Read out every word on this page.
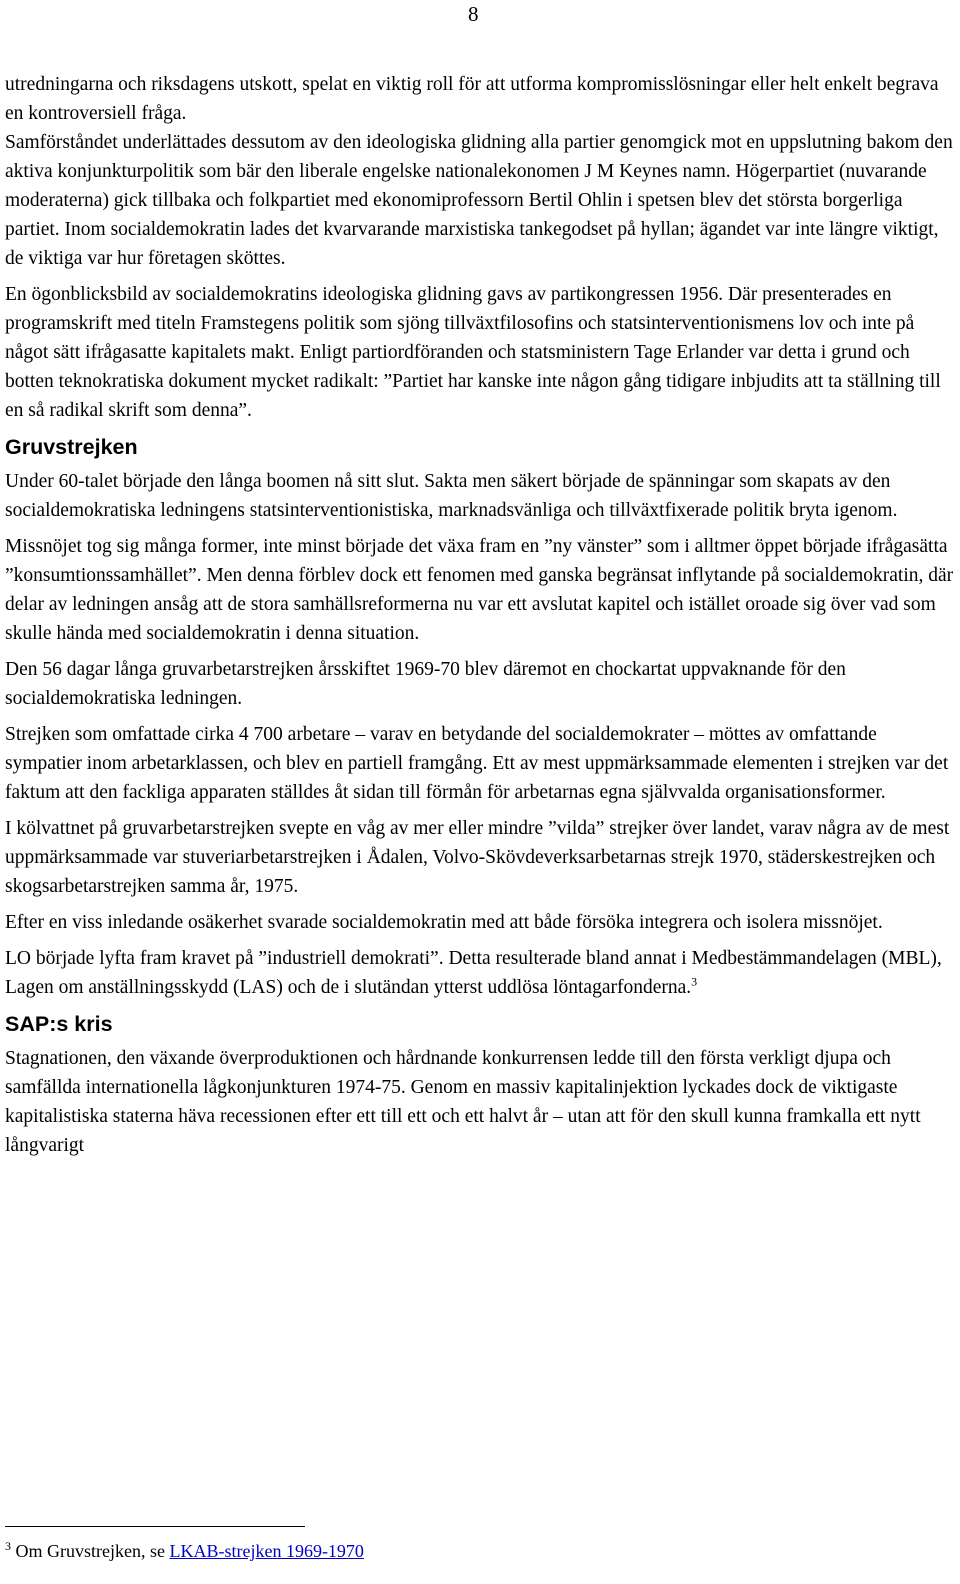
8

utredningarna och riksdagens utskott, spelat en viktig roll för att utforma kompromisslösningar eller helt enkelt begrava en kontroversiell fråga.
Samförståndet underlättades dessutom av den ideologiska glidning alla partier genomgick mot en uppslutning bakom den aktiva konjunkturpolitik som bär den liberale engelske nationalekonomen J M Keynes namn. Högerpartiet (nuvarande moderaterna) gick tillbaka och folkpartiet med ekonomiprofessorn Bertil Ohlin i spetsen blev det största borgerliga partiet. Inom socialdemokratin lades det kvarvarande marxistiska tankegodset på hyllan; ägandet var inte längre viktigt, de viktiga var hur företagen sköttes.

En ögonblicksbild av socialdemokratins ideologiska glidning gavs av partikongressen 1956. Där presenterades en programskrift med titeln Framstegens politik som sjöng tillväxtfilosofins och statsinterventionismens lov och inte på något sätt ifrågasatte kapitalets makt. Enligt partiordföranden och statsministern Tage Erlander var detta i grund och botten teknokratiska dokument mycket radikalt: ”Partiet har kanske inte någon gång tidigare inbjudits att ta ställning till en så radikal skrift som denna”.

Gruvstrejken

Under 60-talet började den långa boomen nå sitt slut. Sakta men säkert började de spänningar som skapats av den socialdemokratiska ledningens statsinterventionistiska, marknadsvänliga och tillväxtfixerade politik bryta igenom.

Missnöjet tog sig många former, inte minst började det växa fram en ”ny vänster” som i alltmer öppet började ifrågasätta ”konsumtionssamhället”. Men denna förblev dock ett fenomen med ganska begränsat inflytande på socialdemokratin, där delar av ledningen ansåg att de stora samhällsreformerna nu var ett avslutat kapitel och istället oroade sig över vad som skulle hända med socialdemokratin i denna situation.

Den 56 dagar långa gruvarbetarstrejken årsskiftet 1969-70 blev däremot en chockartat uppvaknande för den socialdemokratiska ledningen.

Strejken som omfattade cirka 4 700 arbetare – varav en betydande del socialdemokrater – möttes av omfattande sympatier inom arbetarklassen, och blev en partiell framgång. Ett av mest uppmärksammade elementen i strejken var det faktum att den fackliga apparaten ställdes åt sidan till förmån för arbetarnas egna självvalda organisationsformer.

I kölvattnet på gruvarbetarstrejken svepte en våg av mer eller mindre ”vilda” strejker över landet, varav några av de mest uppmärksammade var stuveriarbetarstrejken i Ådalen, Volvo-Skövdeverksarbetarnas strejk 1970, städerskestrejken och skogsarbetarstrejken samma år, 1975.

Efter en viss inledande osäkerhet svarade socialdemokratin med att både försöka integrera och isolera missnöjet.

LO började lyfta fram kravet på ”industriell demokrati”. Detta resulterade bland annat i Medbestämmandelagen (MBL), Lagen om anställningsskydd (LAS) och de i slutändan ytterst uddlösa löntagarfonderna.$^3$

SAP:s kris

Stagnationen, den växande överproduktionen och hårdnande konkurrensen ledde till den första verkligt djupa och samfällda internationella lågkonjunkturen 1974-75. Genom en massiv kapitalinjektion lyckades dock de viktigaste kapitalistiska staterna häva recessionen efter ett till ett och ett halvt år – utan att för den skull kunna framkalla ett nytt långvarigt

$^3$ Om Gruvstrejken, se LKAB-strejken 1969-1970
